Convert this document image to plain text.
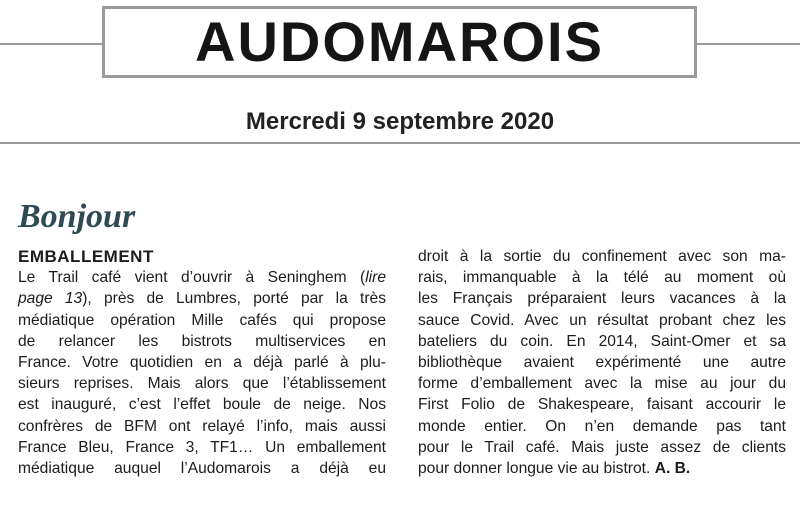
AUDOMAROIS
Mercredi 9 septembre 2020
Bonjour

EMBALLEMENT

Le Trail café vient d’ouvrir à Seninghem (lire
page 13), près de Lumbres, porté par la très
médiatique opération Mille cafés qui propose
de relancer les bistrots multiservices en
France. Votre quotidien en a déjà parlé à plu-
sieurs reprises. Mais alors que l’établissement
est inauguré, c’est l’effet boule de neige. Nos
confrères de BFM ont relayé l’info, mais aussi
France Bleu, France 3, TF1… Un emballement
médiatique auquel l’Audomarois a déjà eu
droit à la sortie du confinement avec son ma-
rais, immanquable à la télé au moment où
les Français préparaient leurs vacances à la
sauce Covid. Avec un résultat probant chez les
bateliers du coin. En 2014, Saint-Omer et sa
bibliothèque avaient expérimenté une autre
forme d’emballement avec la mise au jour du
First Folio de Shakespeare, faisant accourir le
monde entier. On n’en demande pas tant
pour le Trail café. Mais juste assez de clients
pour donner longue vie au bistrot. A. B.
